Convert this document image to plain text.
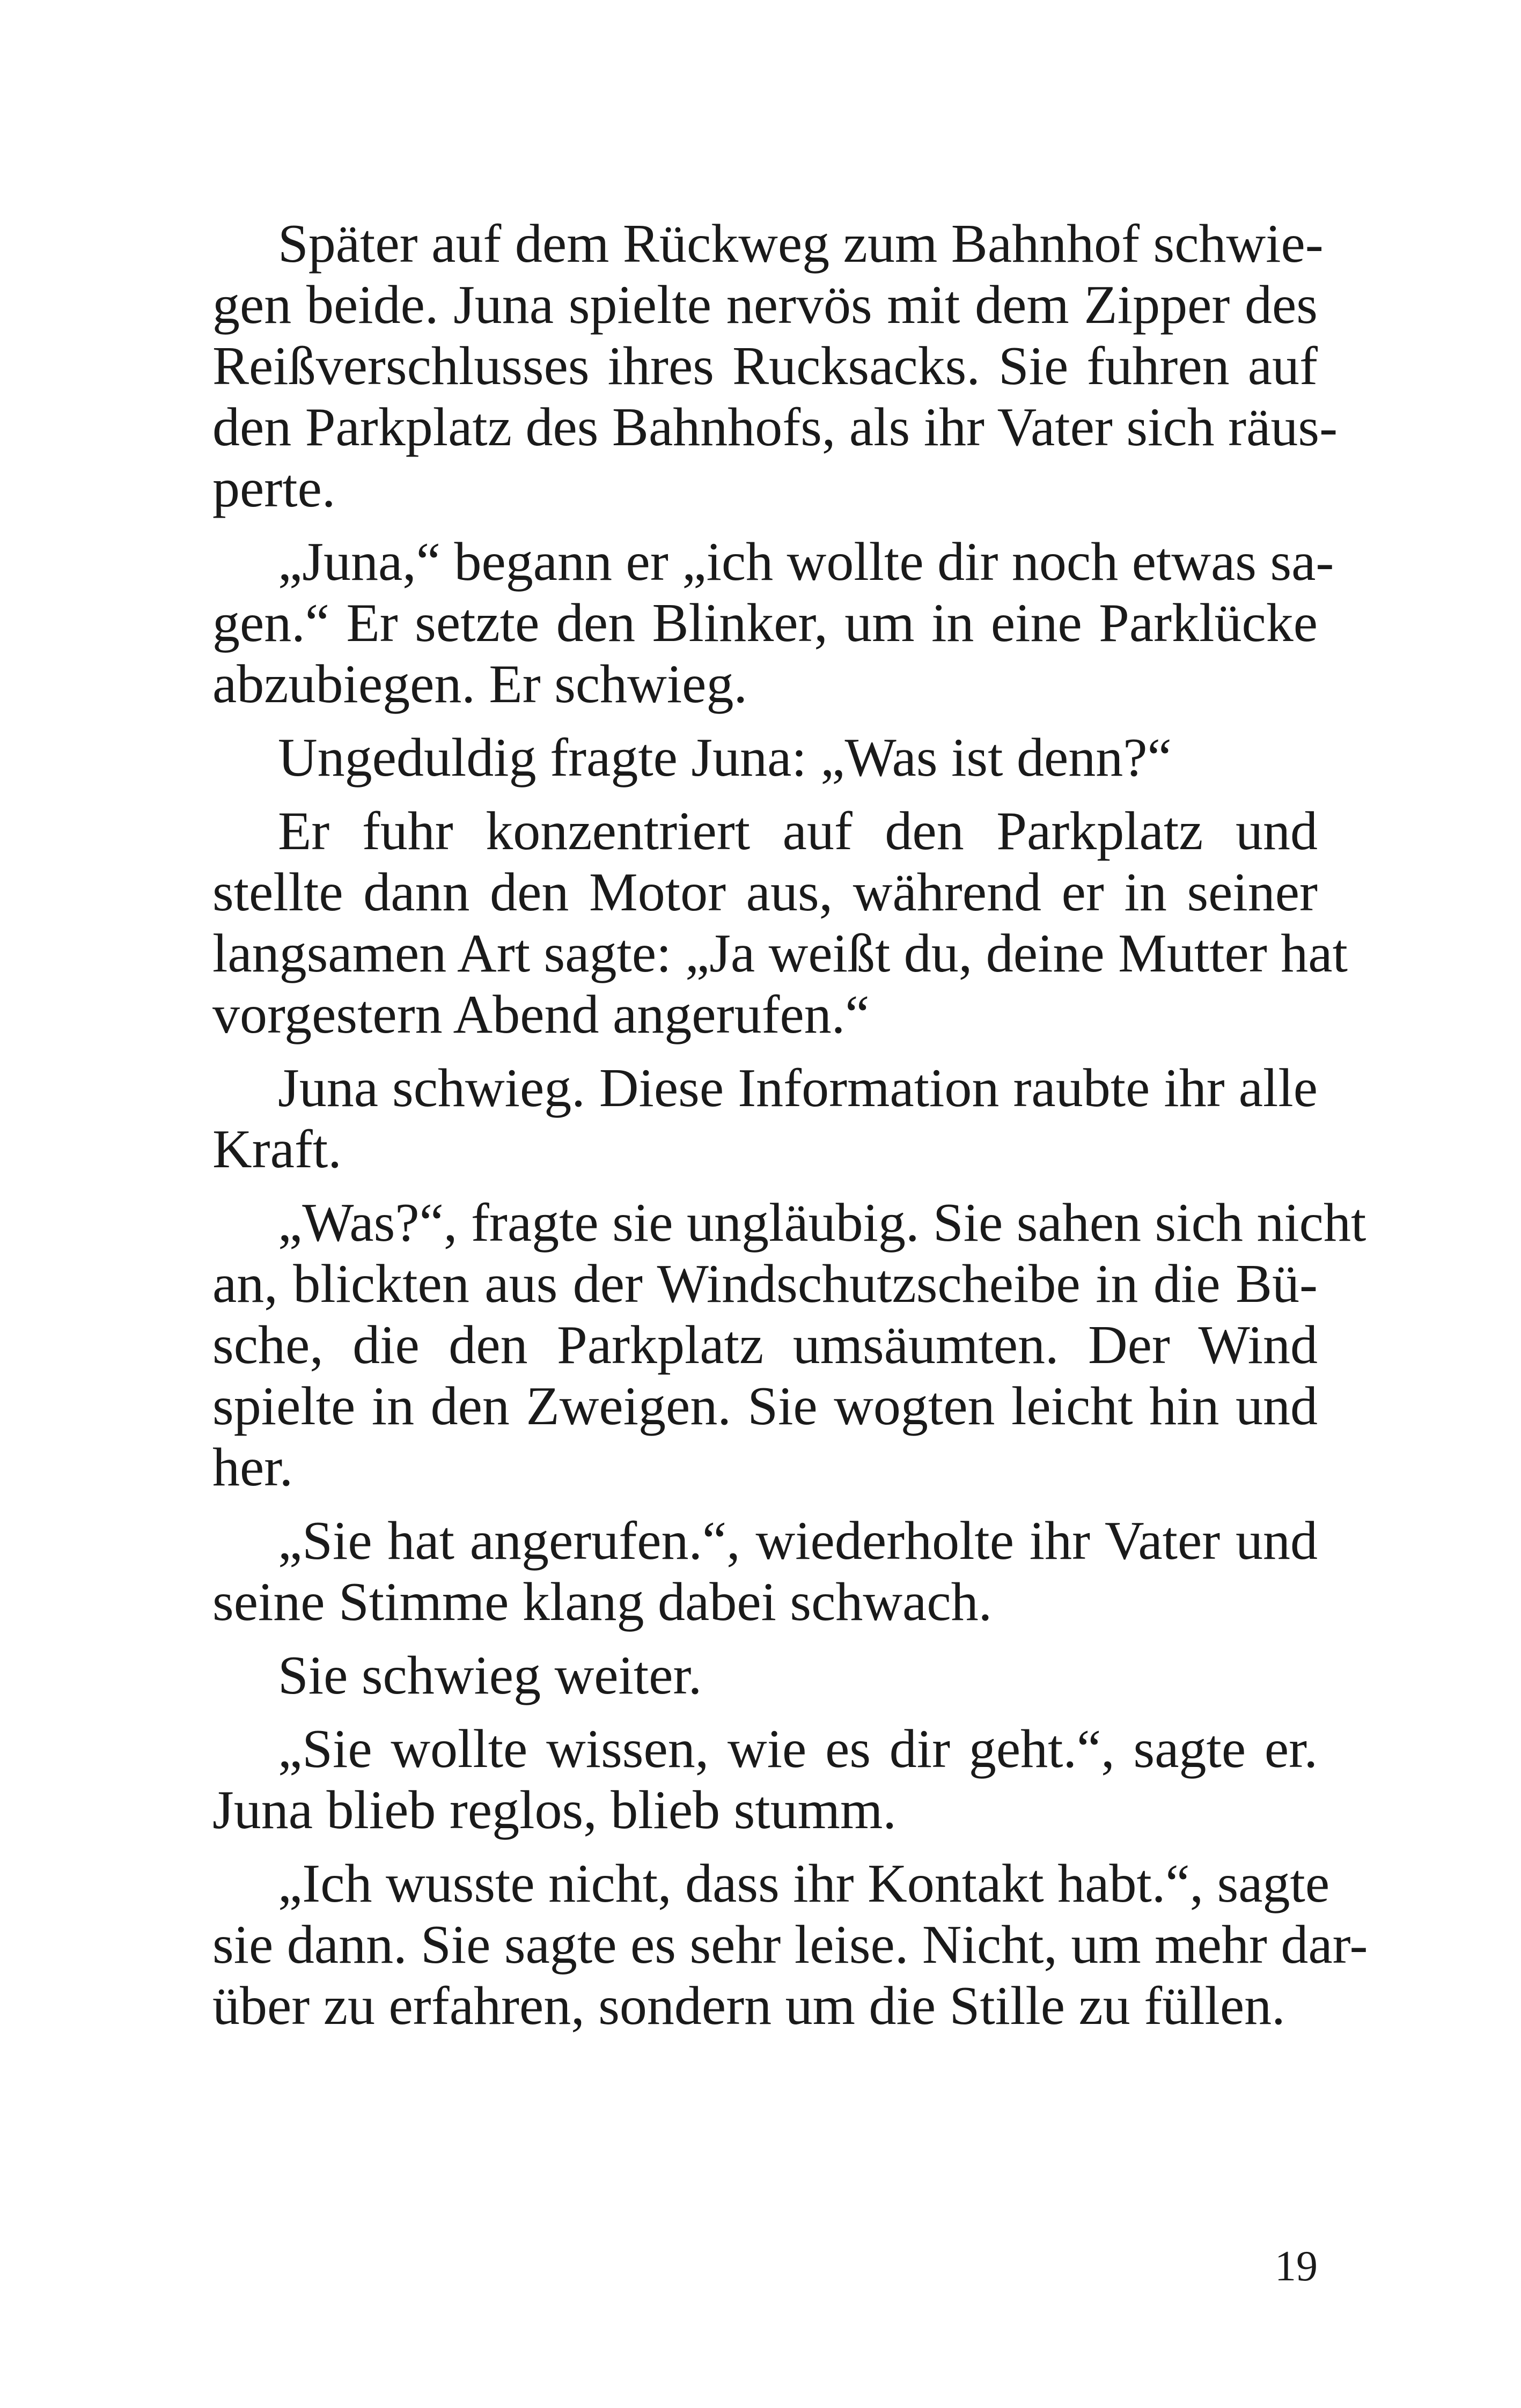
Später auf dem Rückweg zum Bahnhof schwie-
gen beide. Juna spielte nervös mit dem Zipper des
Reißverschlusses ihres Rucksacks. Sie fuhren auf
den Parkplatz des Bahnhofs, als ihr Vater sich räus-
perte.

„Juna,“ begann er „ich wollte dir noch etwas sa-
gen.“ Er setzte den Blinker, um in eine Parklücke
abzubiegen. Er schwieg.

Ungeduldig fragte Juna: „Was ist denn?“

Er fuhr konzentriert auf den Parkplatz und
stellte dann den Motor aus, während er in seiner
langsamen Art sagte: „Ja weißt du, deine Mutter hat
vorgestern Abend angerufen.“

Juna schwieg. Diese Information raubte ihr alle
Kraft.

„Was?“, fragte sie ungläubig. Sie sahen sich nicht
an, blickten aus der Windschutzscheibe in die Bü-
sche, die den Parkplatz umsäumten. Der Wind
spielte in den Zweigen. Sie wogten leicht hin und
her.

„Sie hat angerufen.“, wiederholte ihr Vater und
seine Stimme klang dabei schwach.

Sie schwieg weiter.

„Sie wollte wissen, wie es dir geht.“, sagte er.
Juna blieb reglos, blieb stumm.

„Ich wusste nicht, dass ihr Kontakt habt.“, sagte
sie dann. Sie sagte es sehr leise. Nicht, um mehr dar-
über zu erfahren, sondern um die Stille zu füllen.

19
